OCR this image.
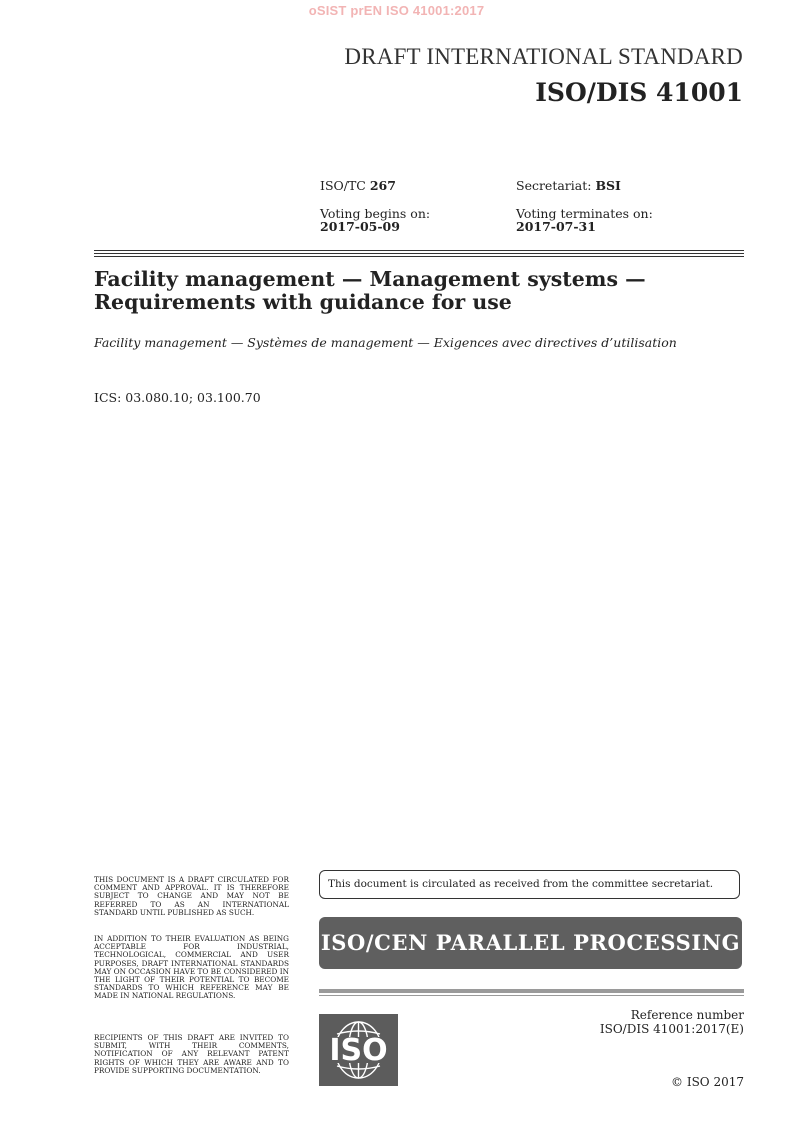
oSIST prEN ISO 41001:2017
DRAFT INTERNATIONAL STANDARD
ISO/DIS 41001
ISO/TC 267	Secretariat: BSI
Voting begins on:
2017-05-09
Voting terminates on:
2017-07-31
Facility management — Management systems —
Requirements with guidance for use
Facility management — Systèmes de management — Exigences avec directives d’utilisation
ICS: 03.080.10; 03.100.70
THIS DOCUMENT IS A DRAFT CIRCULATED FOR COMMENT AND APPROVAL. IT IS THEREFORE SUBJECT TO CHANGE AND MAY NOT BE REFERRED TO AS AN INTERNATIONAL STANDARD UNTIL PUBLISHED AS SUCH.
IN ADDITION TO THEIR EVALUATION AS BEING ACCEPTABLE FOR INDUSTRIAL, TECHNOLOGICAL, COMMERCIAL AND USER PURPOSES, DRAFT INTERNATIONAL STANDARDS MAY ON OCCASION HAVE TO BE CONSIDERED IN THE LIGHT OF THEIR POTENTIAL TO BECOME STANDARDS TO WHICH REFERENCE MAY BE MADE IN NATIONAL REGULATIONS.
RECIPIENTS OF THIS DRAFT ARE INVITED TO SUBMIT, WITH THEIR COMMENTS, NOTIFICATION OF ANY RELEVANT PATENT RIGHTS OF WHICH THEY ARE AWARE AND TO PROVIDE SUPPORTING DOCUMENTATION.
This document is circulated as received from the committee secretariat.
ISO/CEN PARALLEL PROCESSING
ISO
Reference number
ISO/DIS 41001:2017(E)
© ISO 2017
